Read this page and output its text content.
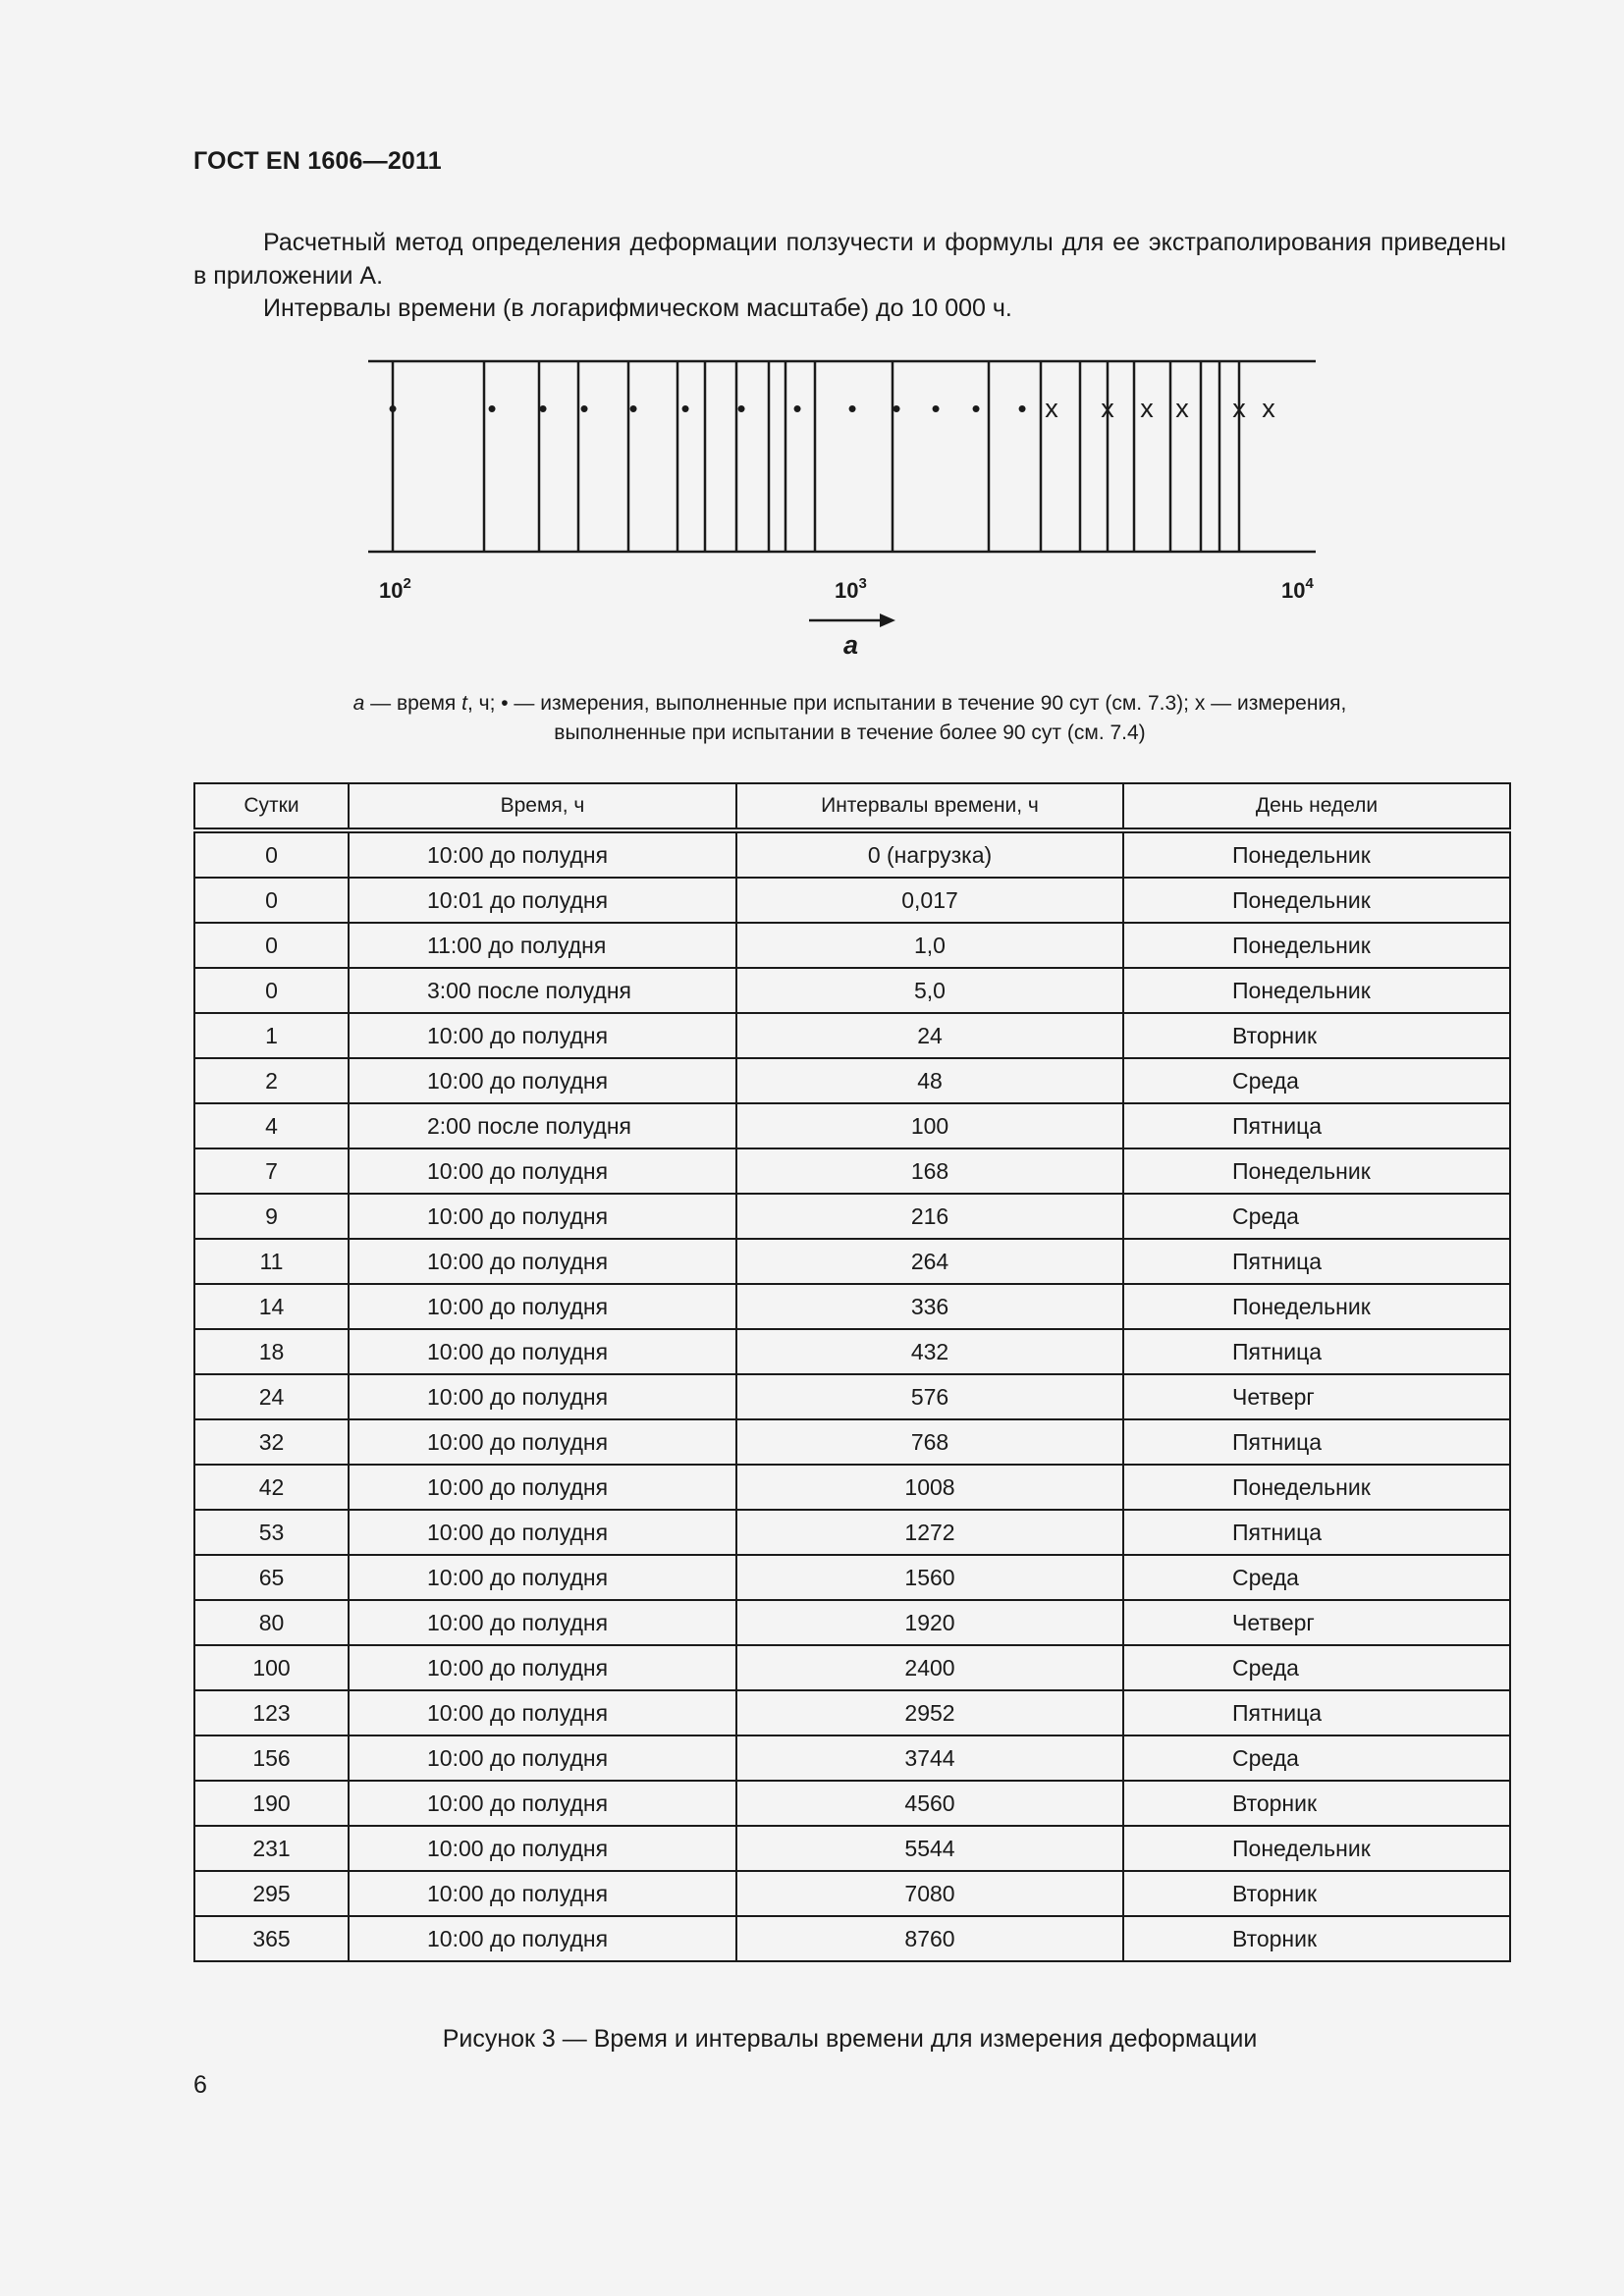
ГОСТ EN 1606—2011
Расчетный метод определения деформации ползучести и формулы для ее экстраполирования приведены в приложении А.
Интервалы времени (в логарифмическом масштабе) до 10 000 ч.
•	• • • • • • • • • • • • x x x x x x
$10^2$	$10^3$	$10^4$
a
a — время t, ч; • — измерения, выполненные при испытании в течение 90 сут (см. 7.3); х — измерения,
выполненные при испытании в течение более 90 сут (см. 7.4)
Сутки	Время, ч	Интервалы времени, ч	День недели
0	10:00 до полудня	0 (нагрузка)	Понедельник
0	10:01 до полудня	0,017	Понедельник
0	11:00 до полудня	1,0	Понедельник
0	3:00 после полудня	5,0	Понедельник
1	10:00 до полудня	24	Вторник
2	10:00 до полудня	48	Среда
4	2:00 после полудня	100	Пятница
7	10:00 до полудня	168	Понедельник
9	10:00 до полудня	216	Среда
11	10:00 до полудня	264	Пятница
14	10:00 до полудня	336	Понедельник
18	10:00 до полудня	432	Пятница
24	10:00 до полудня	576	Четверг
32	10:00 до полудня	768	Пятница
42	10:00 до полудня	1008	Понедельник
53	10:00 до полудня	1272	Пятница
65	10:00 до полудня	1560	Среда
80	10:00 до полудня	1920	Четверг
100	10:00 до полудня	2400	Среда
123	10:00 до полудня	2952	Пятница
156	10:00 до полудня	3744	Среда
190	10:00 до полудня	4560	Вторник
231	10:00 до полудня	5544	Понедельник
295	10:00 до полудня	7080	Вторник
365	10:00 до полудня	8760	Вторник
Рисунок 3 — Время и интервалы времени для измерения деформации
6
